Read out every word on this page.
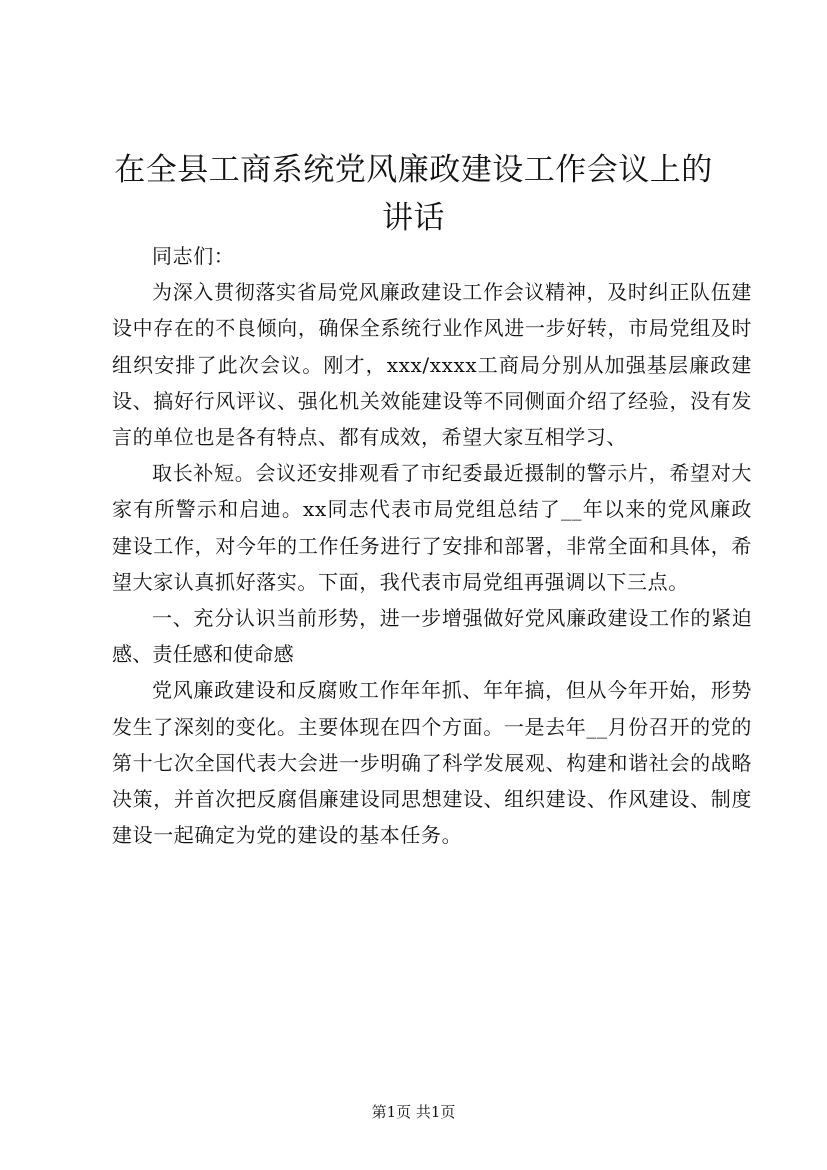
在全县工商系统党风廉政建设工作会议上的讲话

同志们：

为深入贯彻落实省局党风廉政建设工作会议精神，及时纠正队伍建设中存在的不良倾向，确保全系统行业作风进一步好转，市局党组及时组织安排了此次会议。刚才，xxx/xxxx工商局分别从加强基层廉政建设、搞好行风评议、强化机关效能建设等不同侧面介绍了经验，没有发言的单位也是各有特点、都有成效，希望大家互相学习、

取长补短。会议还安排观看了市纪委最近摄制的警示片，希望对大家有所警示和启迪。xx同志代表市局党组总结了__年以来的党风廉政建设工作，对今年的工作任务进行了安排和部署，非常全面和具体，希望大家认真抓好落实。下面，我代表市局党组再强调以下三点。

一、充分认识当前形势，进一步增强做好党风廉政建设工作的紧迫感、责任感和使命感

党风廉政建设和反腐败工作年年抓、年年搞，但从今年开始，形势发生了深刻的变化。主要体现在四个方面。一是去年__月份召开的党的第十七次全国代表大会进一步明确了科学发展观、构建和谐社会的战略决策，并首次把反腐倡廉建设同思想建设、组织建设、作风建设、制度建设一起确定为党的建设的基本任务。

第1页 共1页
